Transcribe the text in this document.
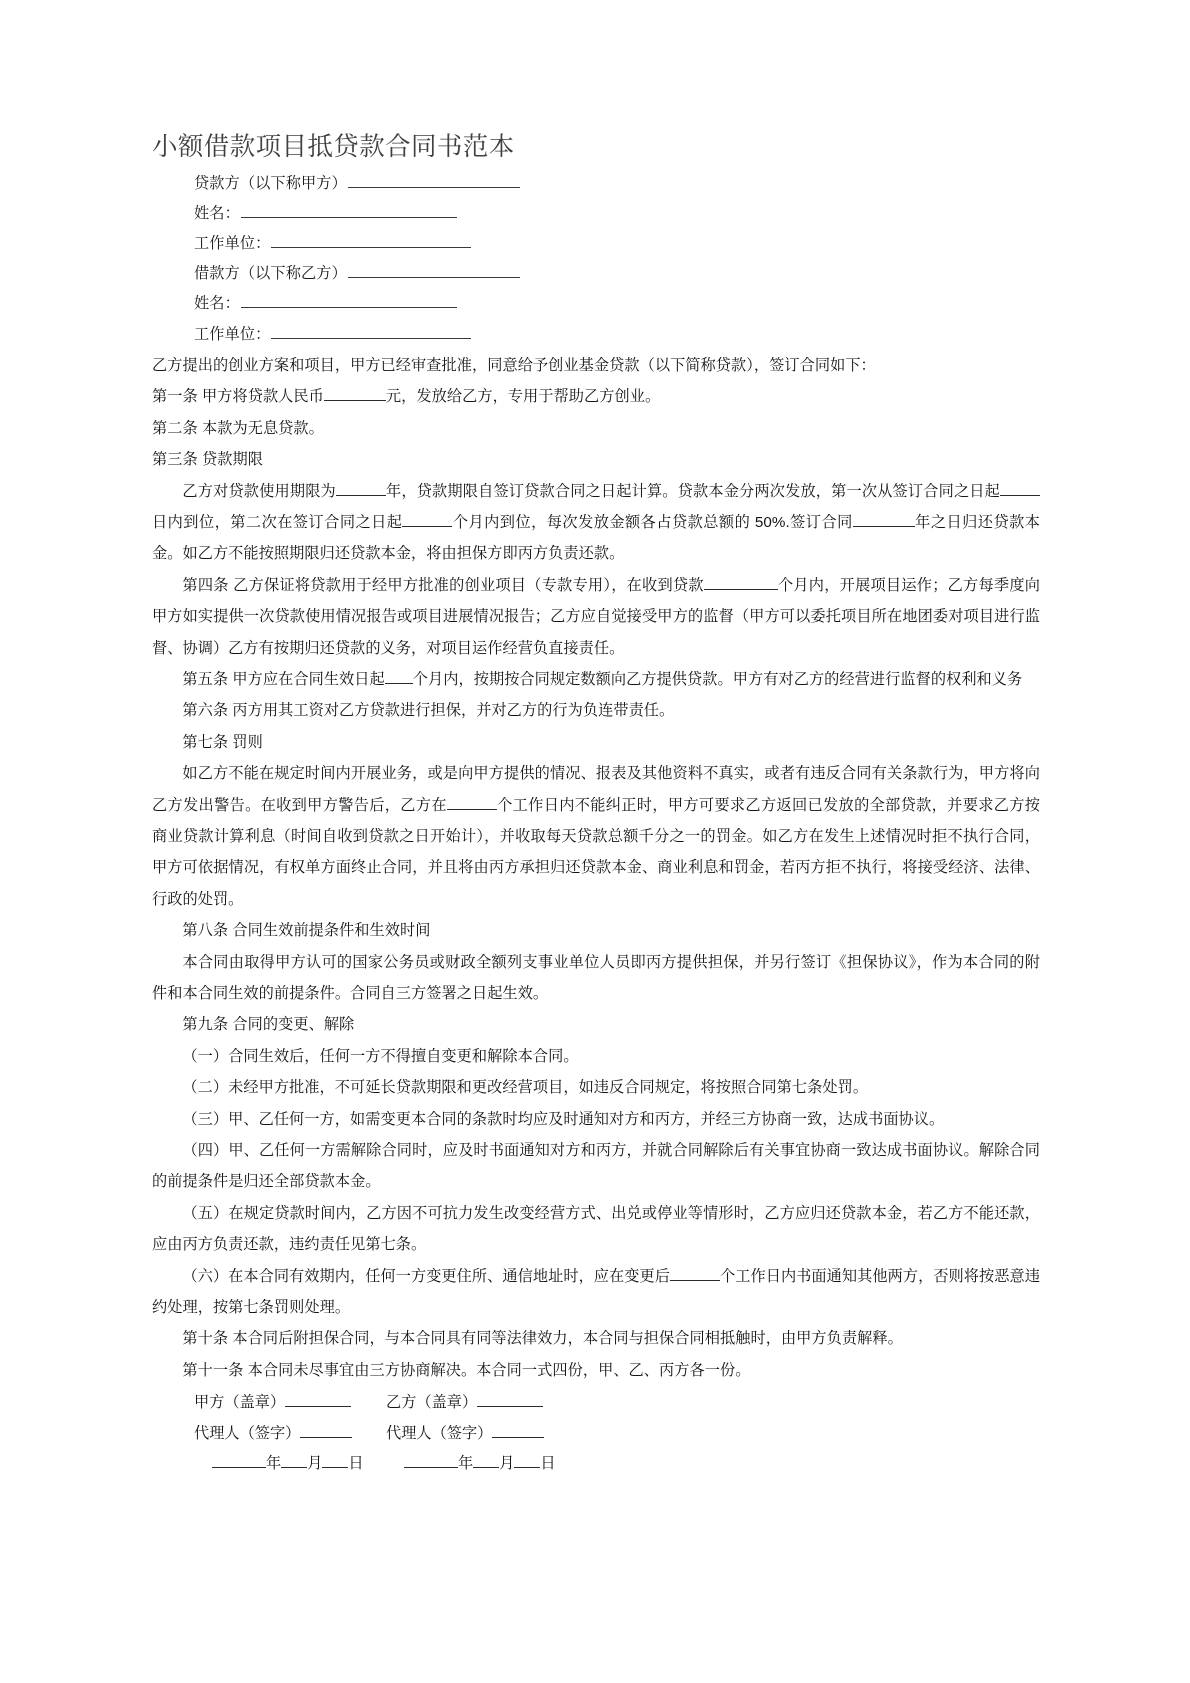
小额借款项目抵贷款合同书范本
贷款方（以下称甲方）
姓名：
工作单位：
借款方（以下称乙方）
姓名：
工作单位：

乙方提出的创业方案和项目，甲方已经审查批准，同意给予创业基金贷款（以下简称贷款），签订合同如下：

第一条 甲方将贷款人民币	元，发放给乙方，专用于帮助乙方创业。

第二条 本款为无息贷款。

第三条 贷款期限

乙方对贷款使用期限为	年，贷款期限自签订贷款合同之日起计算。贷款本金分两次发放，第一次从签订合同之日起日内到位，第二次在签订合同之日起	个月内到位，每次发放金额各占贷款总额的 50%.签订合同	年之日归还贷款本金。如乙方不能按照期限归还贷款本金，将由担保方即丙方负责还款。

第四条 乙方保证将贷款用于经甲方批准的创业项目（专款专用），在收到贷款	个月内，开展项目运作；乙方每季度向甲方如实提供一次贷款使用情况报告或项目进展情况报告；乙方应自觉接受甲方的监督（甲方可以委托项目所在地团委对项目进行监督、协调）乙方有按期归还贷款的义务，对项目运作经营负直接责任。

第五条 甲方应在合同生效日起 个月内，按期按合同规定数额向乙方提供贷款。甲方有对乙方的经营进行监督的权利和义务

第六条 丙方用其工资对乙方贷款进行担保，并对乙方的行为负连带责任。

第七条 罚则

如乙方不能在规定时间内开展业务，或是向甲方提供的情况、报表及其他资料不真实，或者有违反合同有关条款行为，甲方将向乙方发出警告。在收到甲方警告后，乙方在	个工作日内不能纠正时，甲方可要求乙方返回已发放的全部贷款，并要求乙方按商业贷款计算利息（时间自收到贷款之日开始计），并收取每天贷款总额千分之一的罚金。如乙方在发生上述情况时拒不执行合同，甲方可依据情况，有权单方面终止合同，并且将由丙方承担归还贷款本金、商业利息和罚金，若丙方拒不执行，将接受经济、法律、行政的处罚。

第八条 合同生效前提条件和生效时间

本合同由取得甲方认可的国家公务员或财政全额列支事业单位人员即丙方提供担保，并另行签订《担保协议》，作为本合同的附件和本合同生效的前提条件。合同自三方签署之日起生效。

第九条 合同的变更、解除

（一）合同生效后，任何一方不得擅自变更和解除本合同。

（二）未经甲方批准，不可延长贷款期限和更改经营项目，如违反合同规定，将按照合同第七条处罚。

（三）甲、乙任何一方，如需变更本合同的条款时均应及时通知对方和丙方，并经三方协商一致，达成书面协议。

（四）甲、乙任何一方需解除合同时，应及时书面通知对方和丙方，并就合同解除后有关事宜协商一致达成书面协议。解除合同的前提条件是归还全部贷款本金。

（五）在规定贷款时间内，乙方因不可抗力发生改变经营方式、出兑或停业等情形时，乙方应归还贷款本金，若乙方不能还款，应由丙方负责还款，违约责任见第七条。

（六）在本合同有效期内，任何一方变更住所、通信地址时，应在变更后	个工作日内书面通知其他两方，否则将按恶意违约处理，按第七条罚则处理。

第十条 本合同后附担保合同，与本合同具有同等法律效力，本合同与担保合同相抵触时，由甲方负责解释。

第十一条 本合同未尽事宜由三方协商解决。本合同一式四份，甲、乙、丙方各一份。

甲方（盖章）	乙方（盖章）
代理人（签字）	代理人（签字）
年 月 日	年 月 日
